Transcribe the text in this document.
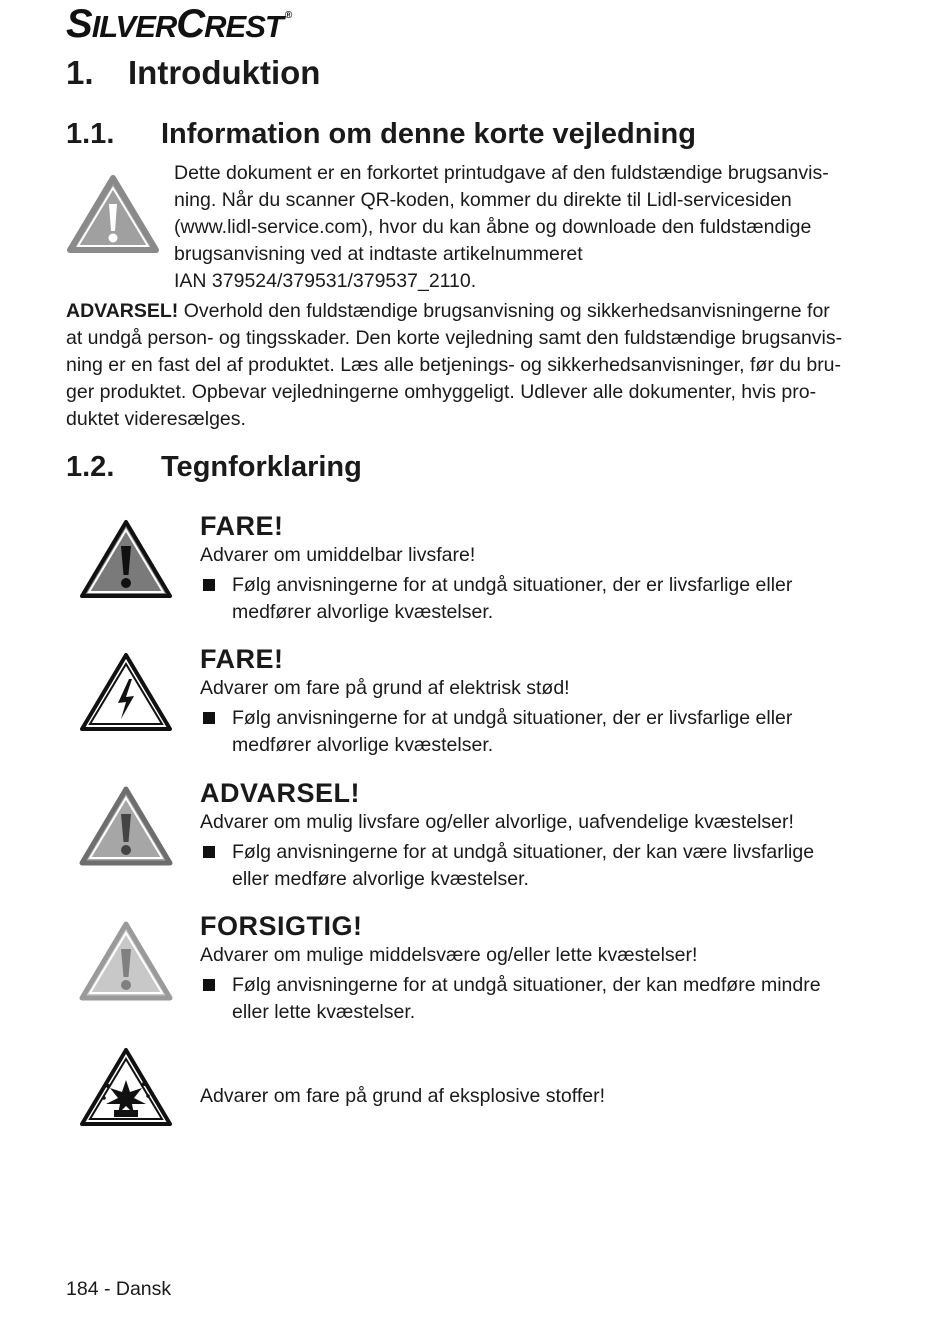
SILVERCREST ®
1. Introduktion
1.1. Information om denne korte vejledning

Dette dokument er en forkortet printudgave af den fuldstændige brugsanvis-

ning. Når du scanner QR-koden, kommer du direkte til Lidl-servicesiden

(www.lidl-service.com), hvor du kan åbne og downloade den fuldstændige

brugsanvisning ved at indtaste artikelnummeret

IAN 379524/379531/379537_2110.

ADVARSEL! Overhold den fuldstændige brugsanvisning og sikkerhedsanvisningerne for

at undgå person- og tingsskader. Den korte vejledning samt den fuldstændige brugsanvis-

ning er en fast del af produktet. Læs alle betjenings- og sikkerhedsanvisninger, før du bru-

ger produktet. Opbevar vejledningerne omhyggeligt. Udlever alle dokumenter, hvis pro-

duktet videresælges.

1.2. Tegnforklaring

FARE!

Advarer om umiddelbar livsfare!

Følg anvisningerne for at undgå situationer, der er livsfarlige eller
medfører alvorlige kvæstelser.

FARE!

Advarer om fare på grund af elektrisk stød!

Følg anvisningerne for at undgå situationer, der er livsfarlige eller
medfører alvorlige kvæstelser.

ADVARSEL!

Advarer om mulig livsfare og/eller alvorlige, uafvendelige kvæstelser!

Følg anvisningerne for at undgå situationer, der kan være livsfarlige
eller medføre alvorlige kvæstelser.

FORSIGTIG!

Advarer om mulige middelsvære og/eller lette kvæstelser!

Følg anvisningerne for at undgå situationer, der kan medføre mindre
eller lette kvæstelser.

Advarer om fare på grund af eksplosive stoffer!

184 - Dansk
